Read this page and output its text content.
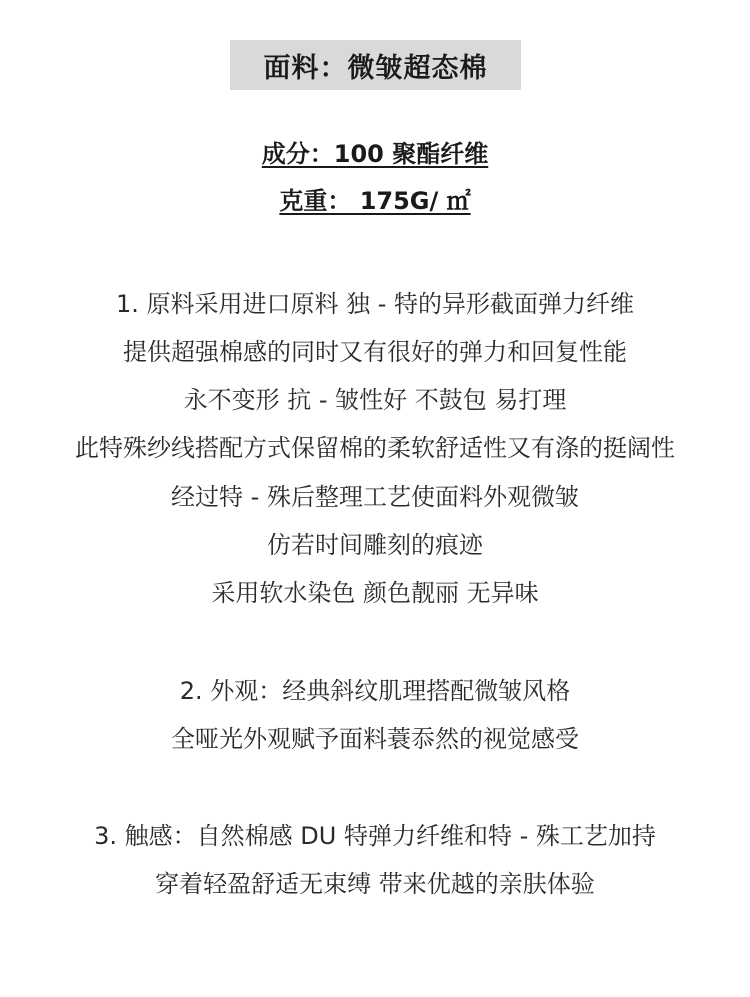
面料：微皱超态棉
成分：100 聚酯纤维
克重： 175G/ ㎡
1. 原料采用进口原料 独 - 特的异形截面弹力纤维
提供超强棉感的同时又有很好的弹力和回复性能
永不变形 抗 - 皱性好 不鼓包 易打理
此特殊纱线搭配方式保留棉的柔软舒适性又有涤的挺阔性
经过特 - 殊后整理工艺使面料外观微皱
仿若时间雕刻的痕迹
采用软水染色 颜色靓丽 无异味
2. 外观：经典斜纹肌理搭配微皱风格
全哑光外观赋予面料蓑忝然的视觉感受
3. 触感：自然棉感 DU 特弹力纤维和特 - 殊工艺加持
穿着轻盈舒适无束缚 带来优越的亲肤体验
